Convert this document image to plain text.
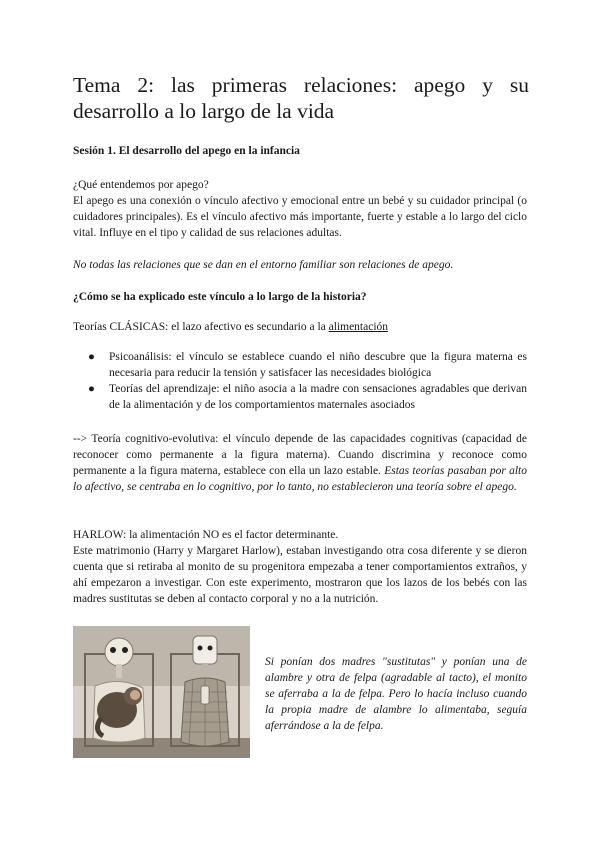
Tema 2: las primeras relaciones: apego y su
desarrollo a lo largo de la vida

Sesión 1. El desarrollo del apego en la infancia

¿Qué entendemos por apego?

El apego es una conexión o vínculo afectivo y emocional entre un bebé y su cuidador principal (o cuidadores principales). Es el vínculo afectivo más importante, fuerte y estable a lo largo del ciclo vital. Influye en el tipo y calidad de sus relaciones adultas.

No todas las relaciones que se dan en el entorno familiar son relaciones de apego.

¿Cómo se ha explicado este vínculo a lo largo de la historia?

Teorías CLÁSICAS: el lazo afectivo es secundario a la alimentación

● Psicoanálisis: el vínculo se establece cuando el niño descubre que la figura materna es necesaria para reducir la tensión y satisfacer las necesidades biológica
● Teorías del aprendizaje: el niño asocia a la madre con sensaciones agradables que derivan de la alimentación y de los comportamientos maternales asociados

--> Teoría cognitivo-evolutiva: el vínculo depende de las capacidades cognitivas (capacidad de reconocer como permanente a la figura materna). Cuando discrimina y reconoce como permanente a la figura materna, establece con ella un lazo estable. Estas teorías pasaban por alto lo afectivo, se centraba en lo cognitivo, por lo tanto, no establecieron una teoría sobre el apego.

HARLOW: la alimentación NO es el factor determinante.

Este matrimonio (Harry y Margaret Harlow), estaban investigando otra cosa diferente y se dieron cuenta que si retiraba al monito de su progenitora empezaba a tener comportamientos extraños, y ahí empezaron a investigar. Con este experimento, mostraron que los lazos de los bebés con las madres sustitutas se deben al contacto corporal y no a la nutrición.

Si ponían dos madres "sustitutas" y ponían una de alambre y otra de felpa (agradable al tacto), el monito se aferraba a la de felpa. Pero lo hacía incluso cuando la propia madre de alambre lo alimentaba, seguía aferrándose a la de felpa.
